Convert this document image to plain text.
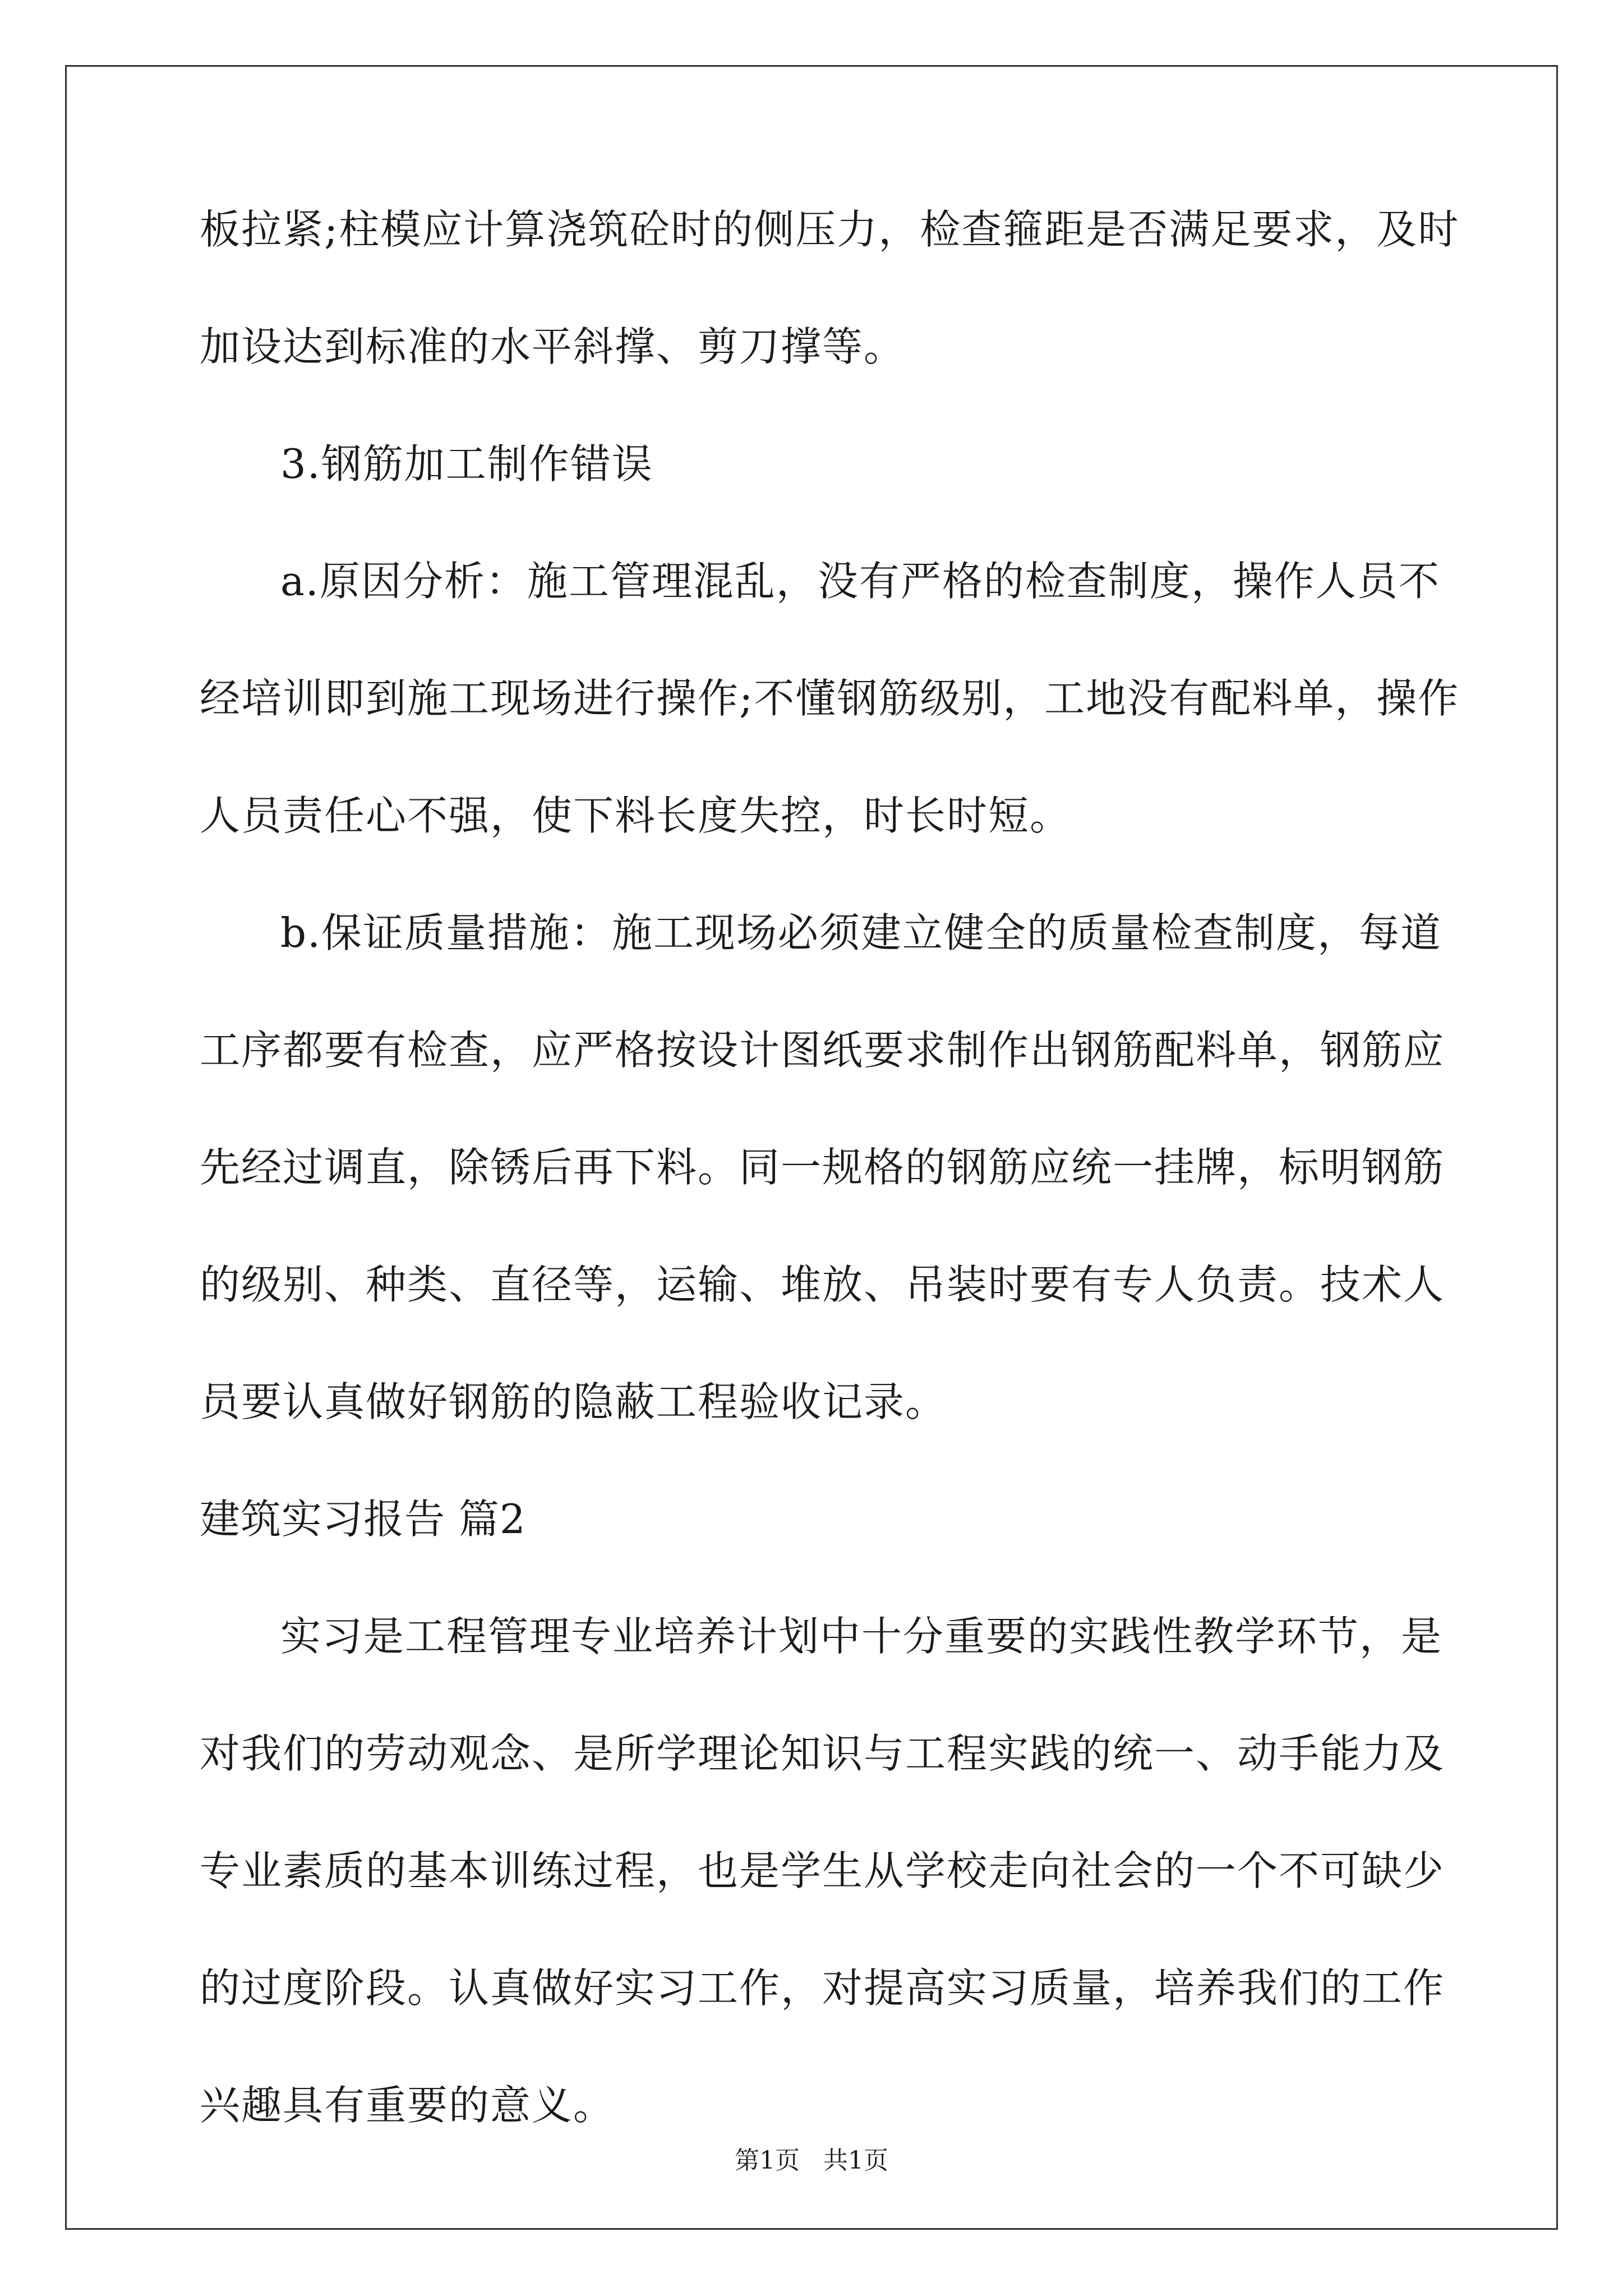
板拉紧;柱模应计算浇筑砼时的侧压力，检查箍距是否满足要求，及时
加设达到标准的水平斜撑、剪刀撑等。
3.钢筋加工制作错误
a.原因分析：施工管理混乱，没有严格的检查制度，操作人员不
经培训即到施工现场进行操作;不懂钢筋级别，工地没有配料单，操作
人员责任心不强，使下料长度失控，时长时短。
b.保证质量措施：施工现场必须建立健全的质量检查制度，每道
工序都要有检查，应严格按设计图纸要求制作出钢筋配料单，钢筋应
先经过调直，除锈后再下料。同一规格的钢筋应统一挂牌，标明钢筋
的级别、种类、直径等，运输、堆放、吊装时要有专人负责。技术人
员要认真做好钢筋的隐蔽工程验收记录。
建筑实习报告 篇2
实习是工程管理专业培养计划中十分重要的实践性教学环节，是
对我们的劳动观念、是所学理论知识与工程实践的统一、动手能力及
专业素质的基本训练过程，也是学生从学校走向社会的一个不可缺少
的过度阶段。认真做好实习工作，对提高实习质量，培养我们的工作
兴趣具有重要的意义。
第1页   共1页
